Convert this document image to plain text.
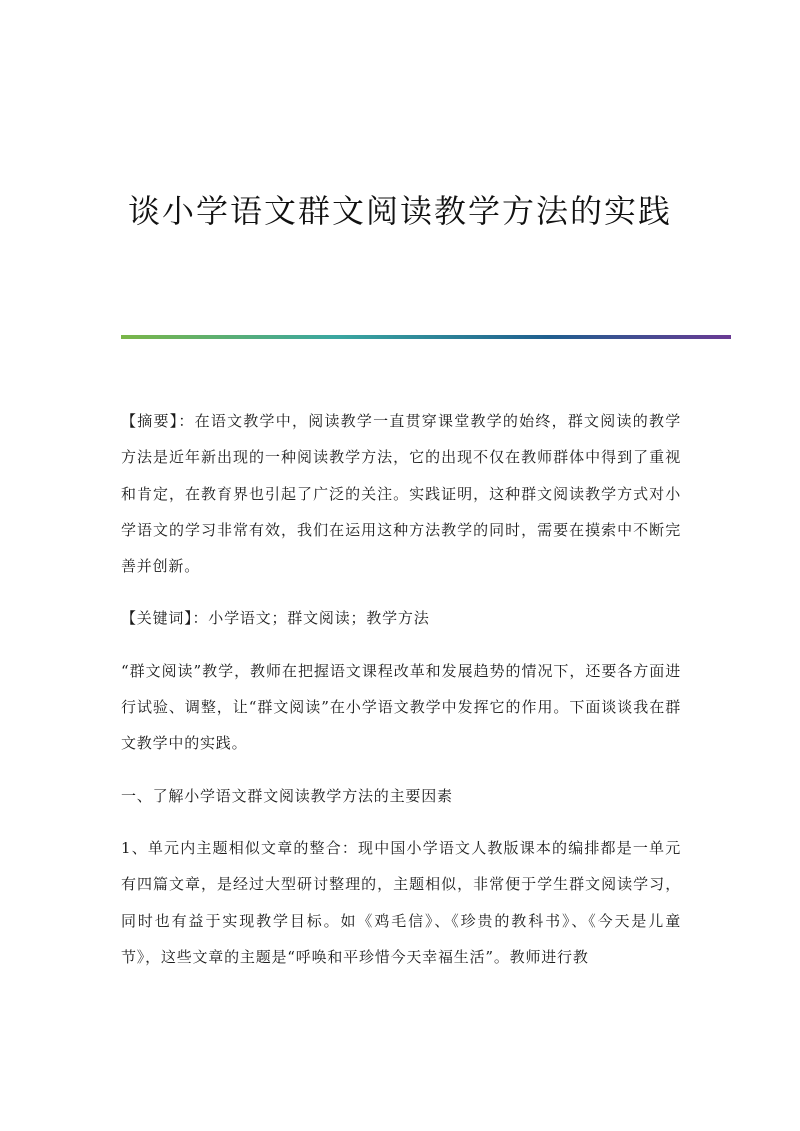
谈小学语文群文阅读教学方法的实践

【摘要】：在语文教学中，阅读教学一直贯穿课堂教学的始终，群文阅读的教学方法是近年新出现的一种阅读教学方法，它的出现不仅在教师群体中得到了重视和肯定，在教育界也引起了广泛的关注。实践证明，这种群文阅读教学方式对小学语文的学习非常有效，我们在运用这种方法教学的同时，需要在摸索中不断完善并创新。

【关键词】：小学语文；群文阅读；教学方法

“群文阅读”教学，教师在把握语文课程改革和发展趋势的情况下，还要各方面进行试验、调整，让“群文阅读”在小学语文教学中发挥它的作用。下面谈谈我在群文教学中的实践。

一、了解小学语文群文阅读教学方法的主要因素

1、单元内主题相似文章的整合：现中国小学语文人教版课本的编排都是一单元有四篇文章，是经过大型研讨整理的，主题相似，非常便于学生群文阅读学习，同时也有益于实现教学目标。如《鸡毛信》、《珍贵的教科书》、《今天是儿童节》，这些文章的主题是“呼唤和平珍惜今天幸福生活”。教师进行教
